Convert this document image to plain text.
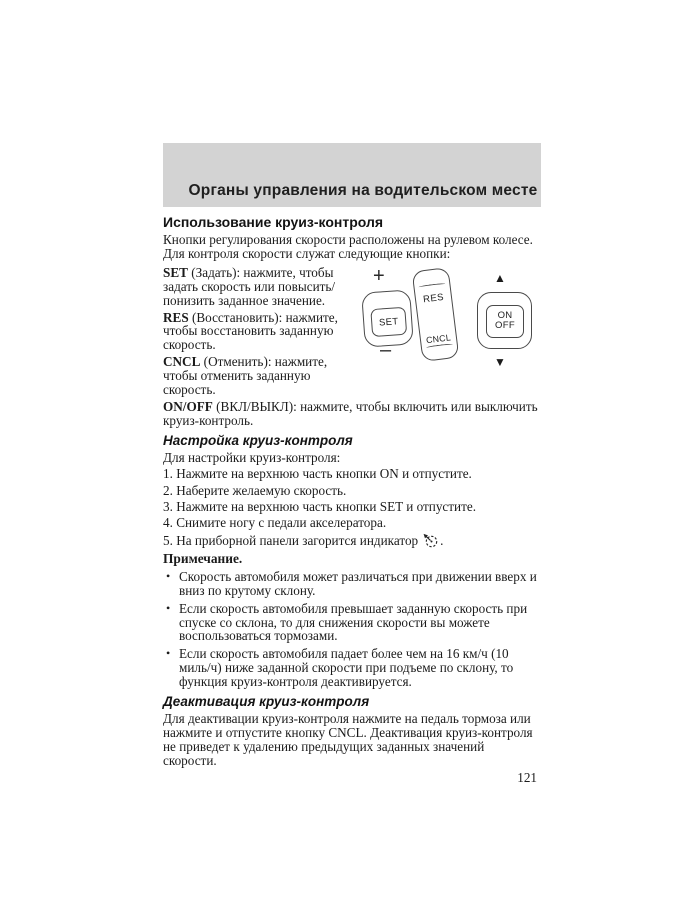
Органы управления на водительском месте
Использование круиз-контроля

Кнопки регулирования скорости расположены на рулевом колесе. Для контроля скорости служат следующие кнопки:

SET (Задать): нажмите, чтобы задать скорость или повысить/понизить заданное значение.

RES (Восстановить): нажмите, чтобы восстановить заданную скорость.

CNCL (Отменить): нажмите, чтобы отменить заданную скорость.

+
SET
–
RES
CNCL
▲
ON
OFF
▼

ON/OFF (ВКЛ/ВЫКЛ): нажмите, чтобы включить или выключить круиз-контроль.

Настройка круиз-контроля

Для настройки круиз-контроля:

1. Нажмите на верхнюю часть кнопки ON и отпустите.

2. Наберите желаемую скорость.

3. Нажмите на верхнюю часть кнопки SET и отпустите.

4. Снимите ногу с педали акселератора.

5. На приборной панели загорится индикатор .

Примечание.

• Скорость автомобиля может различаться при движении вверх и вниз по крутому склону.
• Если скорость автомобиля превышает заданную скорость при спуске со склона, то для снижения скорости вы можете воспользоваться тормозами.
• Если скорость автомобиля падает более чем на 16 км/ч (10 миль/ч) ниже заданной скорости при подъеме по склону, то функция круиз-контроля деактивируется.
Деактивация круиз-контроля

Для деактивации круиз-контроля нажмите на педаль тормоза или нажмите и отпустите кнопку CNCL. Деактивация круиз-контроля не приведет к удалению предыдущих заданных значений скорости.

121
